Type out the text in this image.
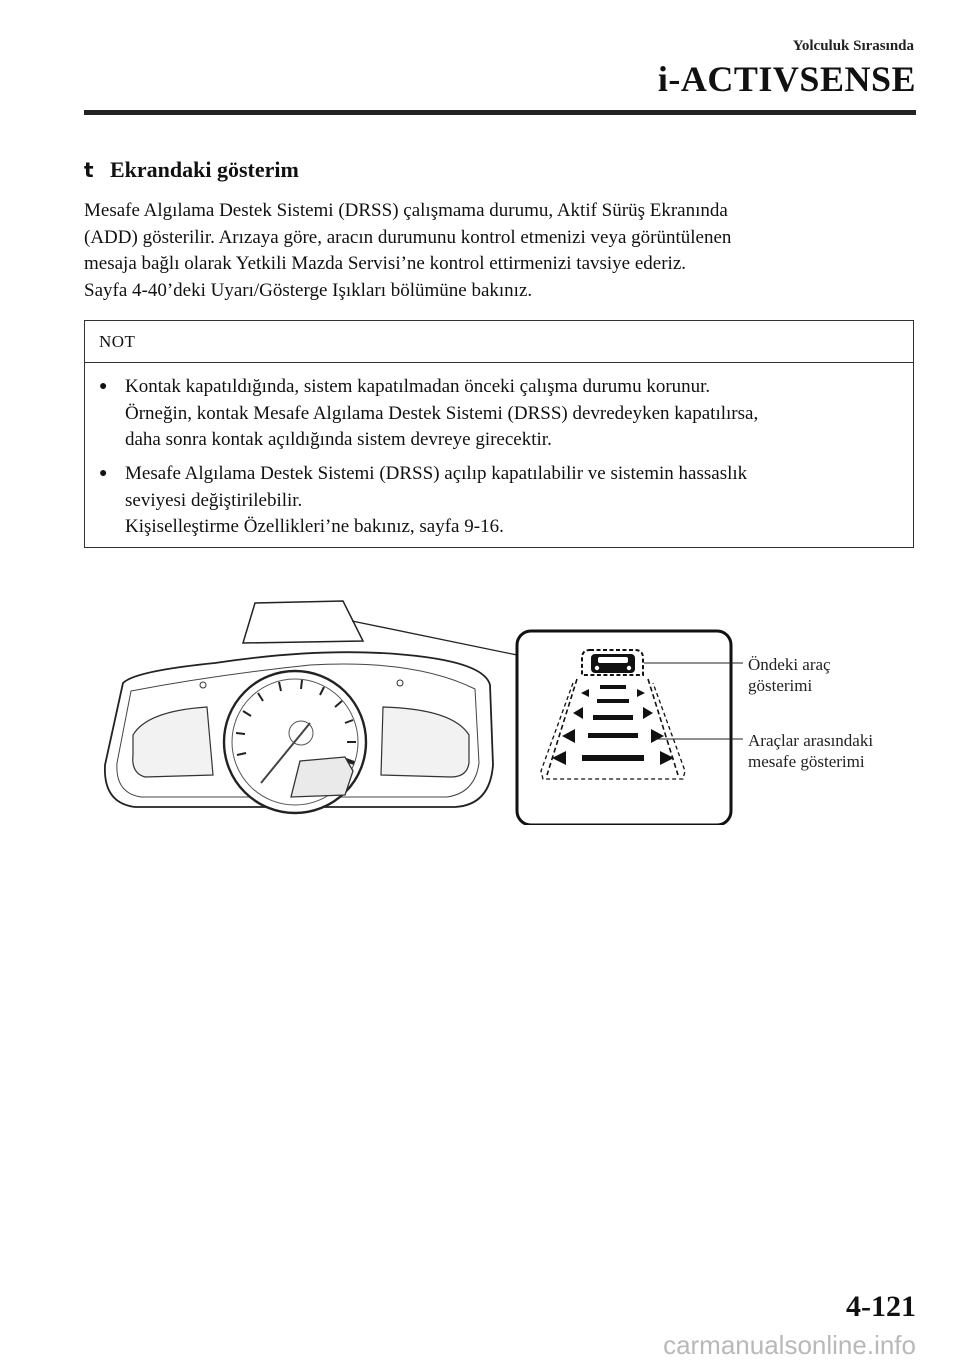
Yolculuk Sırasında
i-ACTIVSENSE
t Ekrandaki gösterim

Mesafe Algılama Destek Sistemi (DRSS) çalışmama durumu, Aktif Sürüş Ekranında
(ADD) gösterilir. Arızaya göre, aracın durumunu kontrol etmenizi veya görüntülenen
mesaja bağlı olarak Yetkili Mazda Servisi’ne kontrol ettirmenizi tavsiye ederiz.
Sayfa 4-40’deki Uyarı/Gösterge Işıkları bölümüne bakınız.

NOT
● Kontak kapatıldığında, sistem kapatılmadan önceki çalışma durumu korunur.
Örneğin, kontak Mesafe Algılama Destek Sistemi (DRSS) devredeyken kapatılırsa,
daha sonra kontak açıldığında sistem devreye girecektir.
● Mesafe Algılama Destek Sistemi (DRSS) açılıp kapatılabilir ve sistemin hassaslık
seviyesi değiştirilebilir.
Kişiselleştirme Özellikleri’ne bakınız, sayfa 9-16.
Öndeki araç
gösterimi
Araçlar arasındaki
mesafe gösterimi
4-121
carmanualsonline.info
